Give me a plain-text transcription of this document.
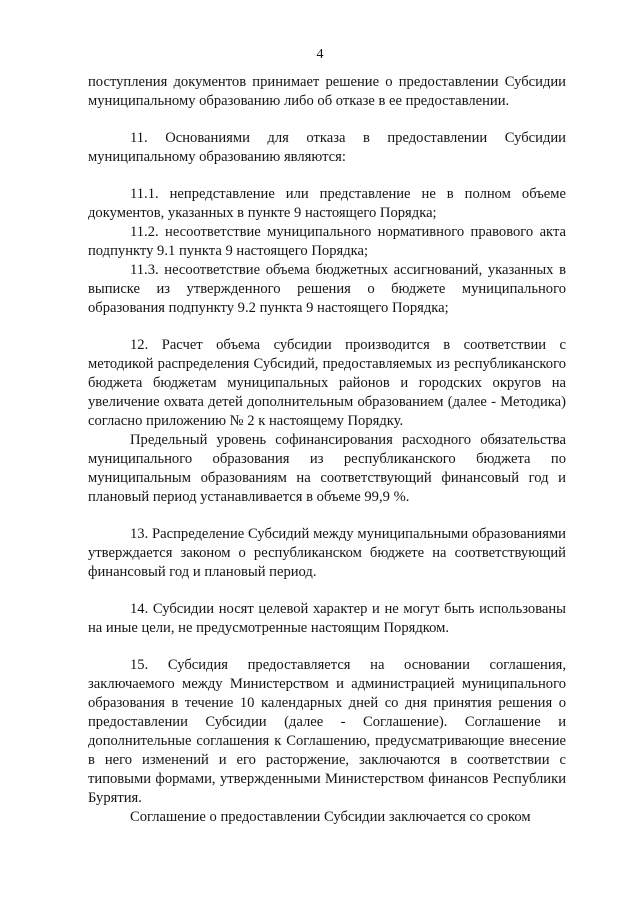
4

поступления документов принимает решение о предоставлении Субсидии муниципальному образованию либо об отказе в ее предоставлении.

11. Основаниями для отказа в предоставлении Субсидии муниципальному образованию являются:

11.1. непредставление или представление не в полном объеме документов, указанных в пункте 9 настоящего Порядка;

11.2. несоответствие муниципального нормативного правового акта подпункту 9.1 пункта 9 настоящего Порядка;

11.3. несоответствие объема бюджетных ассигнований, указанных в выписке из утвержденного решения о бюджете муниципального образования подпункту 9.2 пункта 9 настоящего Порядка;

12. Расчет объема субсидии производится в соответствии с методикой распределения Субсидий, предоставляемых из республиканского бюджета бюджетам муниципальных районов и городских округов на увеличение охвата детей дополнительным образованием (далее - Методика) согласно приложению № 2 к настоящему Порядку.

Предельный уровень софинансирования расходного обязательства муниципального образования из республиканского бюджета по муниципальным образованиям на соответствующий финансовый год и плановый период устанавливается в объеме 99,9 %.

13. Распределение Субсидий между муниципальными образованиями утверждается законом о республиканском бюджете на соответствующий финансовый год и плановый период.

14. Субсидии носят целевой характер и не могут быть использованы на иные цели, не предусмотренные настоящим Порядком.

15. Субсидия предоставляется на основании соглашения, заключаемого между Министерством и администрацией муниципального образования в течение 10 календарных дней со дня принятия решения о предоставлении Субсидии (далее - Соглашение). Соглашение и дополнительные соглашения к Соглашению, предусматривающие внесение в него изменений и его расторжение, заключаются в соответствии с типовыми формами, утвержденными Министерством финансов Республики Бурятия.

Соглашение о предоставлении Субсидии заключается со сроком
